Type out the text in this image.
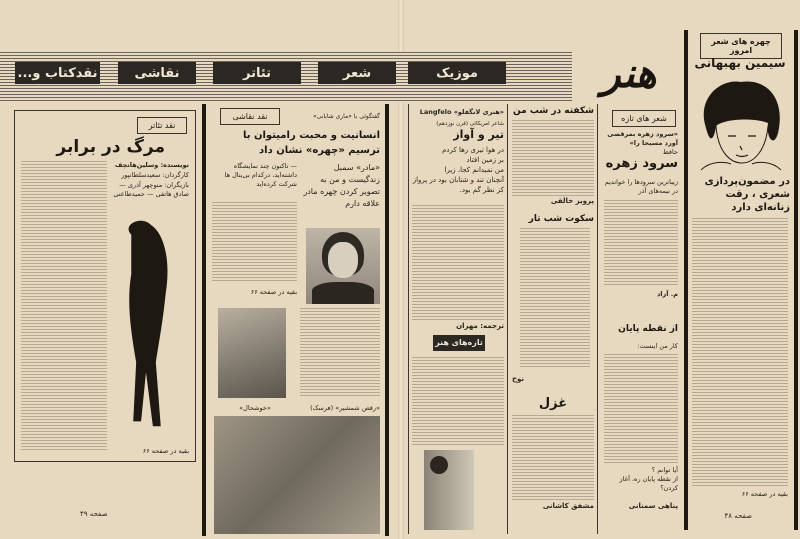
نقدکتاب و...	نقاشی	تئاتر	شعر	موزیک	هنر
نقد تئاتر
مرگ در برابر
نویسنده: وسلین‌هانچف
کارگردان: سعید‌سلطانپور
بازیگران: منوچهر آذری — صادق هاتفی — حمیدطاعتی
بقیه در صفحه ۶۶
صفحه ۴۹
نقد نقاشی	گفتگوئی با «ماری شابانی»
انسانیت و محبت رامیتوان با ترسیم «چهره» نشان داد
— تاکنون چند نمایشگاه داشته‌اید، درکدام بی‌ینال ها شرکت کرده‌اید
بقیه در صفحه ۶۶
«مادر» سمبل زندگیست و من به تصویر کردن چهره مادر علاقه دارم
«خوشحال»	«رقص شمشیر» (فرسک)
«هنری لانگفلو» Langfelo
شاعر امریکائی (قرن نوزدهم)
تیر و آواز
در هوا تیری رها کردم
بر زمین افتاد
من نمیدانم کجا، زیرا
آنچنان تند و شتابان بود در پرواز
کز نظر گم بود.
ترجمه: مهران
تازه‌های هنر
شکفته در شب من
پرویز خالقی
سکوت شب تار
نوح
غزل
مشفق کاشانی
شعر های تازه
«سرود زهره بمرقصی آورد مسیحا را»
حافظ
سرود زهره
زیباترین سرودها را خواندیم
در نیمه‌های آذر
م. آزاد
از نقطه پایان
کار من اینست:
آیا توانم ؟
از نقطه پایان ره، آغاز کردن؟
پناهی سمنانی
چهره های شعر امروز
سیمین بهبهانی
در مضمون‌پردازی شعری ، رقت زنانه‌ای دارد
بقیه در صفحه ۶۶
صفحه ۴۸
